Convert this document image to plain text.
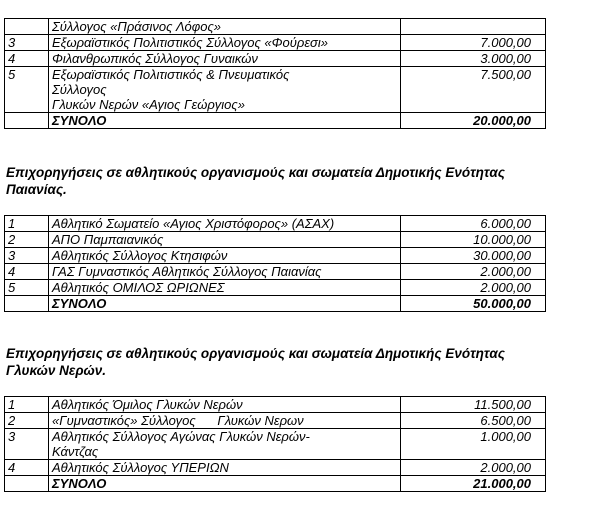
	Σύλλογος «Πράσινος Λόφος»	

3	Εξωραϊστικός Πολιτιστικός Σύλλογος «Φούρεσι»	7.000,00
4	Φιλανθρωπικός Σύλλογος Γυναικών	3.000,00
5	Εξωραϊστικός Πολιτιστικός & Πνευματικός
Σύλλογος
Γλυκών Νερών «Αγιος Γεώργιος»	7.500,00
	ΣΥΝΟΛΟ	20.000,00
Επιχορηγήσεις σε αθλητικούς οργανισμούς και σωματεία Δημοτικής Ενότητας
Παιανίας.
1	Αθλητικό Σωματείο «Αγιος Χριστόφορος» (ΑΣΑΧ)	6.000,00
2	ΑΠΟ Παμπαιανικός	10.000,00
3	Αθλητικός Σύλλογος Κτησιφών	30.000,00
4	ΓΑΣ Γυμναστικός Αθλητικός Σύλλογος Παιανίας	2.000,00
5	Αθλητικός ΟΜΙΛΟΣ ΩΡΙΩΝΕΣ	2.000,00
	ΣΥΝΟΛΟ	50.000,00
Επιχορηγήσεις σε αθλητικούς οργανισμούς και σωματεία Δημοτικής Ενότητας
Γλυκών Νερών.
1	Αθλητικός Όμιλος Γλυκών Νερών	11.500,00
2	«Γυμναστικός» Σύλλογος      Γλυκών Νερων	6.500,00
3	Αθλητικός Σύλλογος Αγώνας Γλυκών Νερών-
Κάντζας	1.000,00
4	Αθλητικός Σύλλογος ΥΠΕΡΙΩΝ	2.000,00
	ΣΥΝΟΛΟ	21.000,00
